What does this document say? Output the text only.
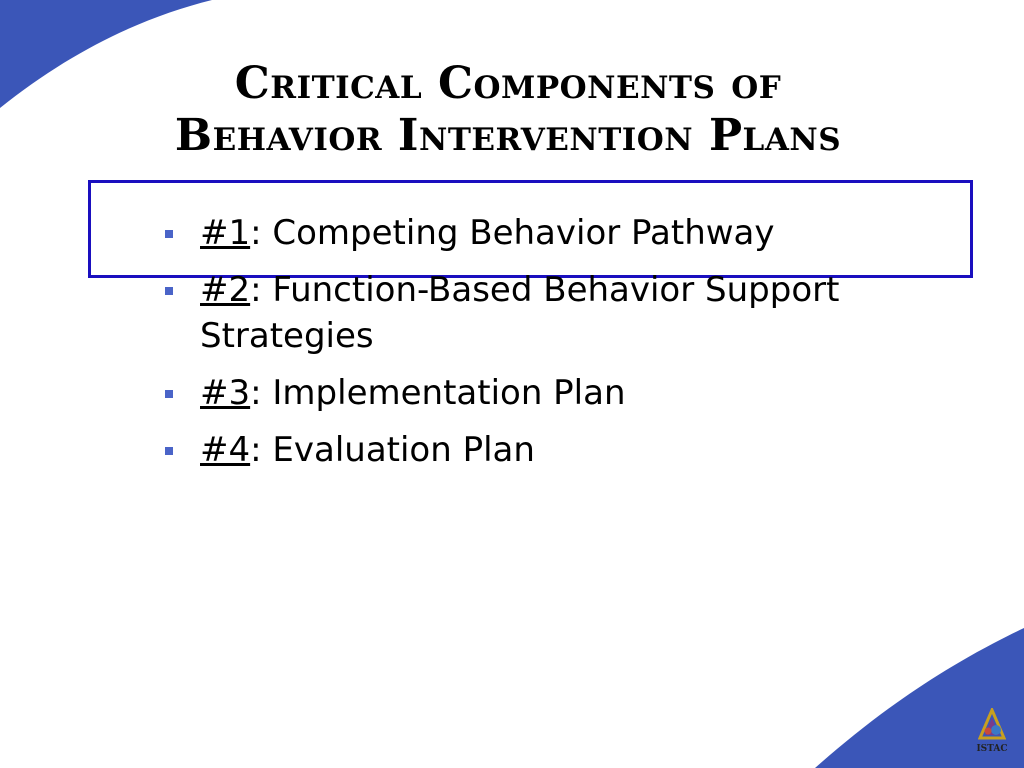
Critical Components of
Behavior Intervention Plans
#1: Competing Behavior Pathway
#2: Function-Based Behavior Support Strategies
#3: Implementation Plan
#4: Evaluation Plan
ISTAC
